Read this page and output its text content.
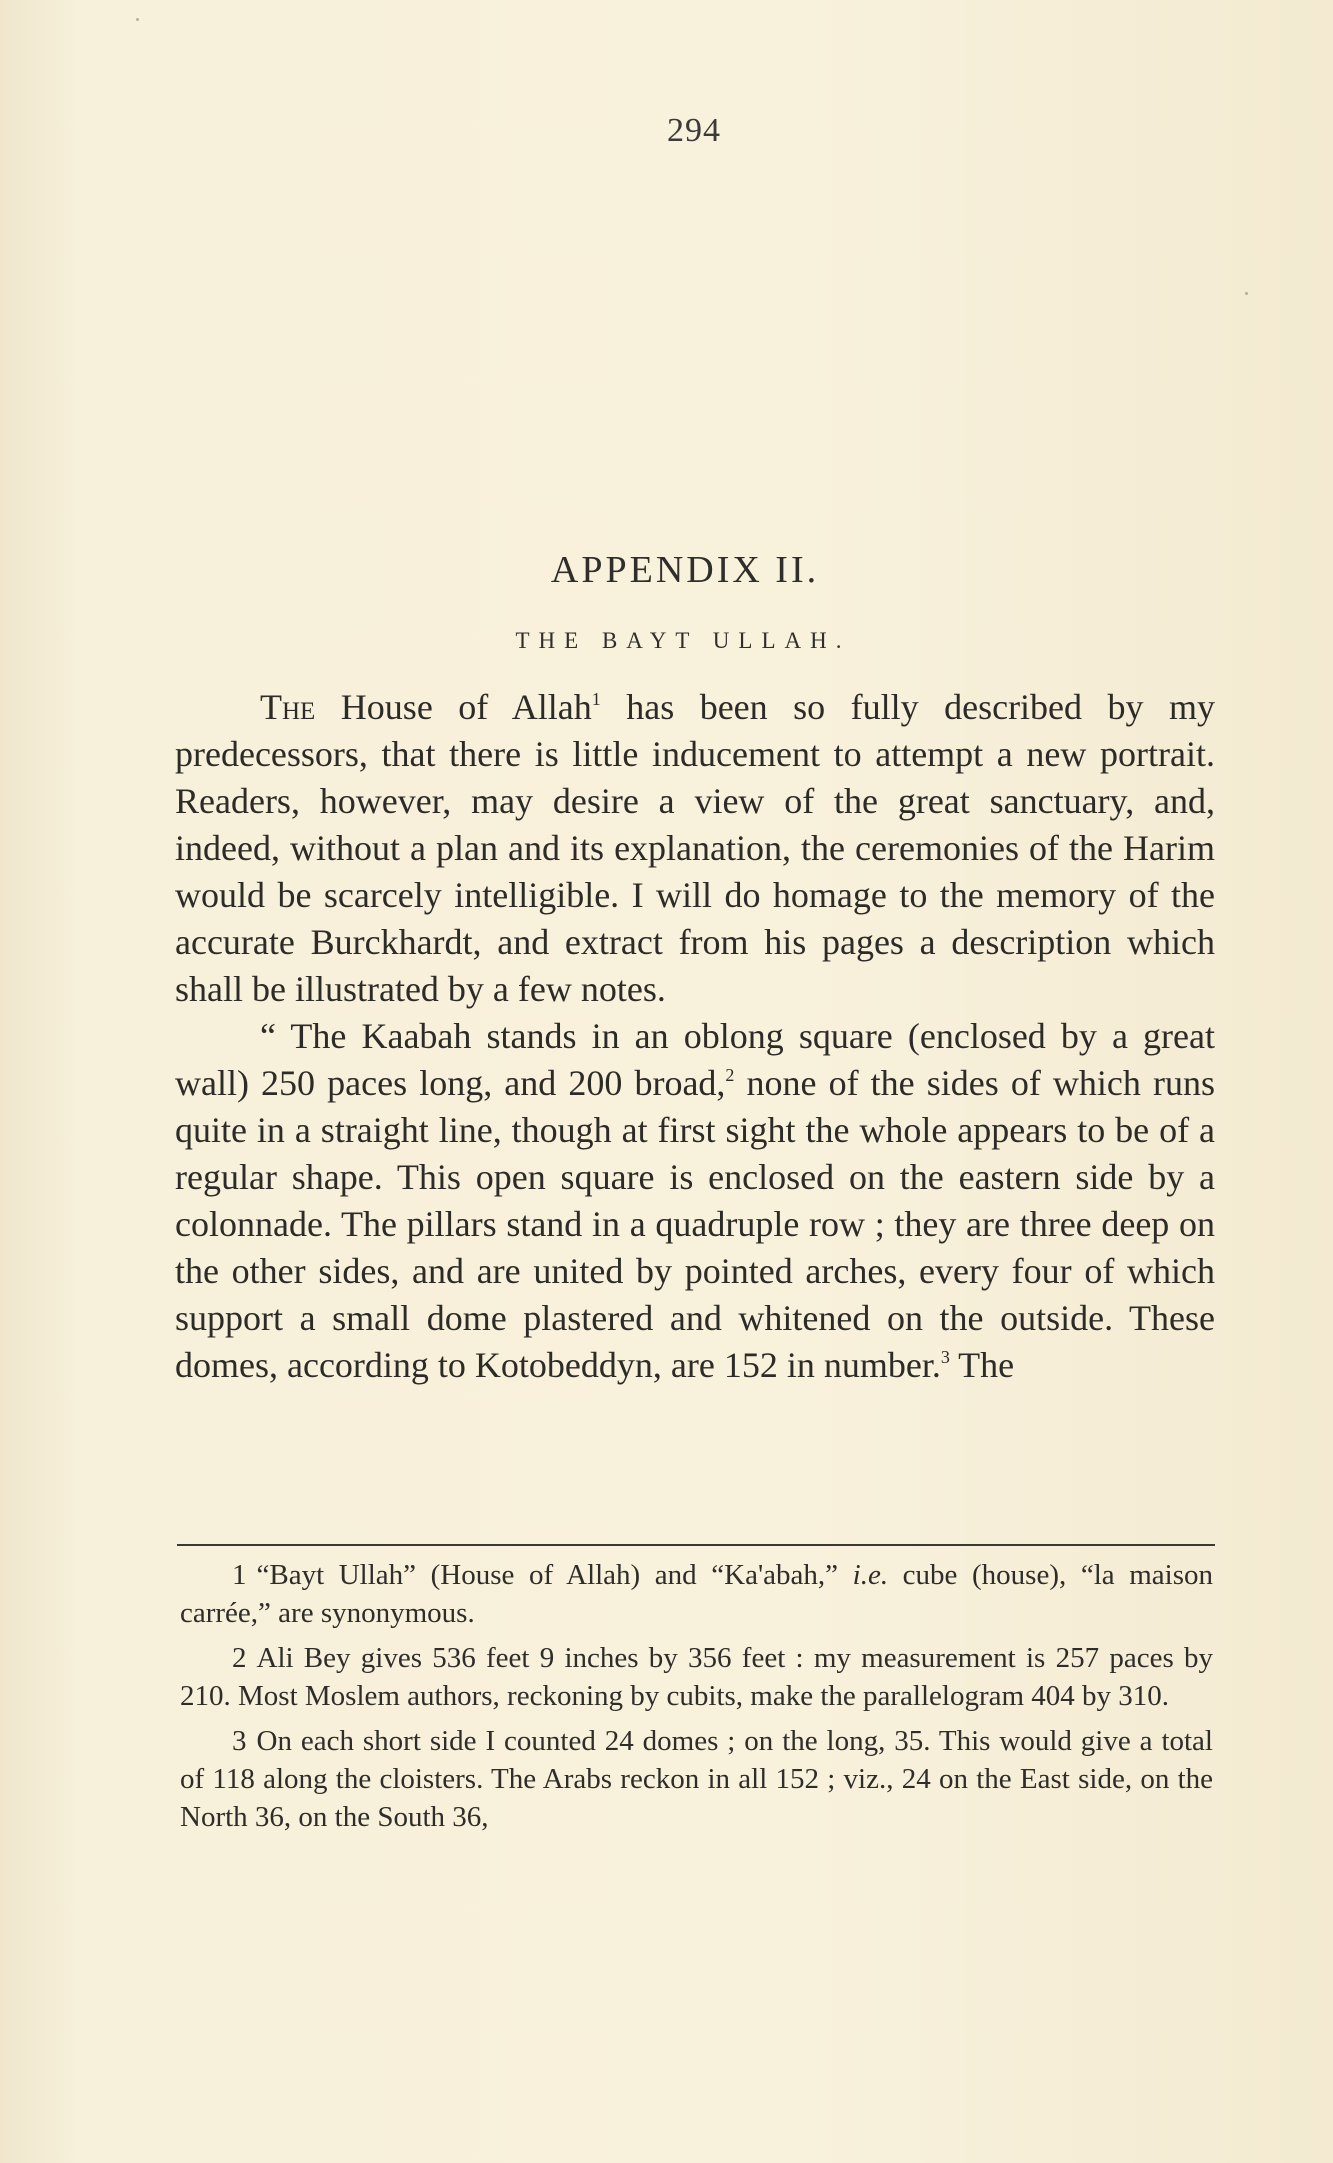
294
APPENDIX II.
THE BAYT ULLAH.

The House of Allah$^1$ has been so fully described by my predecessors, that there is little inducement to attempt a new portrait. Readers, however, may desire a view of the great sanctuary, and, indeed, without a plan and its explanation, the ceremonies of the Harim would be scarcely intelligible. I will do homage to the memory of the accurate Burckhardt, and extract from his pages a description which shall be illustrated by a few notes.

“ The Kaabah stands in an oblong square (enclosed by a great wall) 250 paces long, and 200 broad,$^2$ none of the sides of which runs quite in a straight line, though at first sight the whole appears to be of a regular shape. This open square is enclosed on the eastern side by a colonnade. The pillars stand in a quadruple row ; they are three deep on the other sides, and are united by pointed arches, every four of which support a small dome plastered and whitened on the outside. These domes, according to Kotobeddyn, are 152 in number.$^3$ The

1 “Bayt Ullah” (House of Allah) and “Ka'abah,” i.e. cube (house), “la maison carrée,” are synonymous.

2 Ali Bey gives 536 feet 9 inches by 356 feet : my measurement is 257 paces by 210. Most Moslem authors, reckoning by cubits, make the parallelogram 404 by 310.

3 On each short side I counted 24 domes ; on the long, 35. This would give a total of 118 along the cloisters. The Arabs reckon in all 152 ; viz., 24 on the East side, on the North 36, on the South 36,
